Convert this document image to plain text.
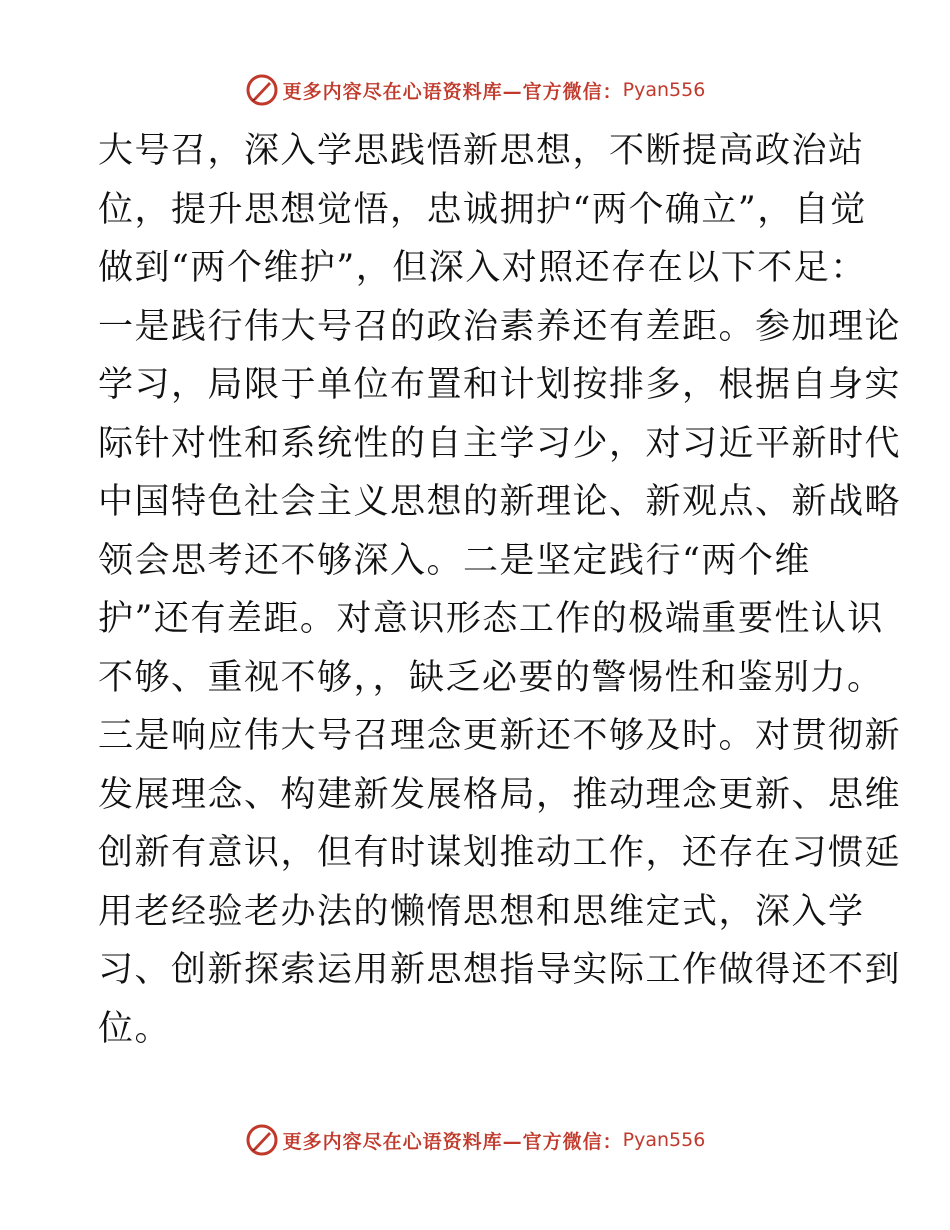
更多内容尽在心语资料库—官方微信： Pyan556
大号召，深入学思践悟新思想，不断提高政治站
位，提升思想觉悟，忠诚拥护“两个确立”，自觉
做到“两个维护”，但深入对照还存在以下不足：
一是践行伟大号召的政治素养还有差距。参加理论
学习，局限于单位布置和计划按排多，根据自身实
际针对性和系统性的自主学习少，对习近平新时代
中国特色社会主义思想的新理论、新观点、新战略
领会思考还不够深入。二是坚定践行“两个维
护”还有差距。对意识形态工作的极端重要性认识
不够、重视不够，，缺乏必要的警惕性和鉴别力。
三是响应伟大号召理念更新还不够及时。对贯彻新
发展理念、构建新发展格局，推动理念更新、思维
创新有意识，但有时谋划推动工作，还存在习惯延
用老经验老办法的懒惰思想和思维定式，深入学
习、创新探索运用新思想指导实际工作做得还不到
位。
更多内容尽在心语资料库—官方微信： Pyan556
